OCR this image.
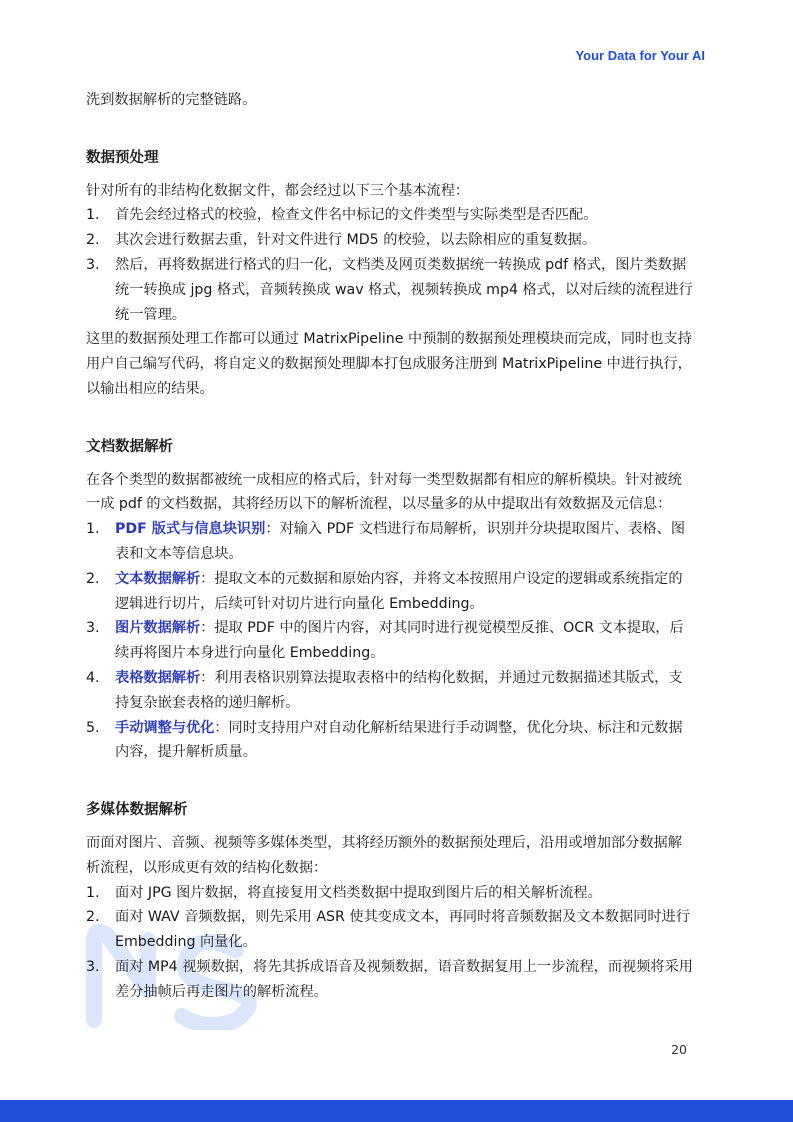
Your Data for Your AI

洗到数据解析的完整链路。

数据预处理

针对所有的非结构化数据文件，都会经过以下三个基本流程：

1. 首先会经过格式的校验，检查文件名中标记的文件类型与实际类型是否匹配。
2. 其次会进行数据去重，针对文件进行 MD5 的校验，以去除相应的重复数据。
3. 然后，再将数据进行格式的归一化，文档类及网页类数据统一转换成 pdf 格式，图片类数据统一转换成 jpg 格式，音频转换成 wav 格式，视频转换成 mp4 格式，以对后续的流程进行统一管理。

这里的数据预处理工作都可以通过 MatrixPipeline 中预制的数据预处理模块而完成，同时也支持用户自己编写代码，将自定义的数据预处理脚本打包成服务注册到 MatrixPipeline 中进行执行，以输出相应的结果。

文档数据解析

在各个类型的数据都被统一成相应的格式后，针对每一类型数据都有相应的解析模块。针对被统一成 pdf 的文档数据，其将经历以下的解析流程，以尽量多的从中提取出有效数据及元信息：

1. PDF 版式与信息块识别：对输入 PDF 文档进行布局解析，识别并分块提取图片、表格、图表和文本等信息块。
2. 文本数据解析：提取文本的元数据和原始内容，并将文本按照用户设定的逻辑或系统指定的逻辑进行切片，后续可针对切片进行向量化 Embedding。
3. 图片数据解析：提取 PDF 中的图片内容，对其同时进行视觉模型反推、OCR 文本提取，后续再将图片本身进行向量化 Embedding。
4. 表格数据解析：利用表格识别算法提取表格中的结构化数据，并通过元数据描述其版式，支持复杂嵌套表格的递归解析。
5. 手动调整与优化：同时支持用户对自动化解析结果进行手动调整，优化分块、标注和元数据内容，提升解析质量。

多媒体数据解析

而面对图片、音频、视频等多媒体类型，其将经历额外的数据预处理后，沿用或增加部分数据解析流程，以形成更有效的结构化数据：

1. 面对 JPG 图片数据，将直接复用文档类数据中提取到图片后的相关解析流程。
2. 面对 WAV 音频数据，则先采用 ASR 使其变成文本，再同时将音频数据及文本数据同时进行 Embedding 向量化。
3. 面对 MP4 视频数据，将先其拆成语音及视频数据，语音数据复用上一步流程，而视频将采用差分抽帧后再走图片的解析流程。
20
